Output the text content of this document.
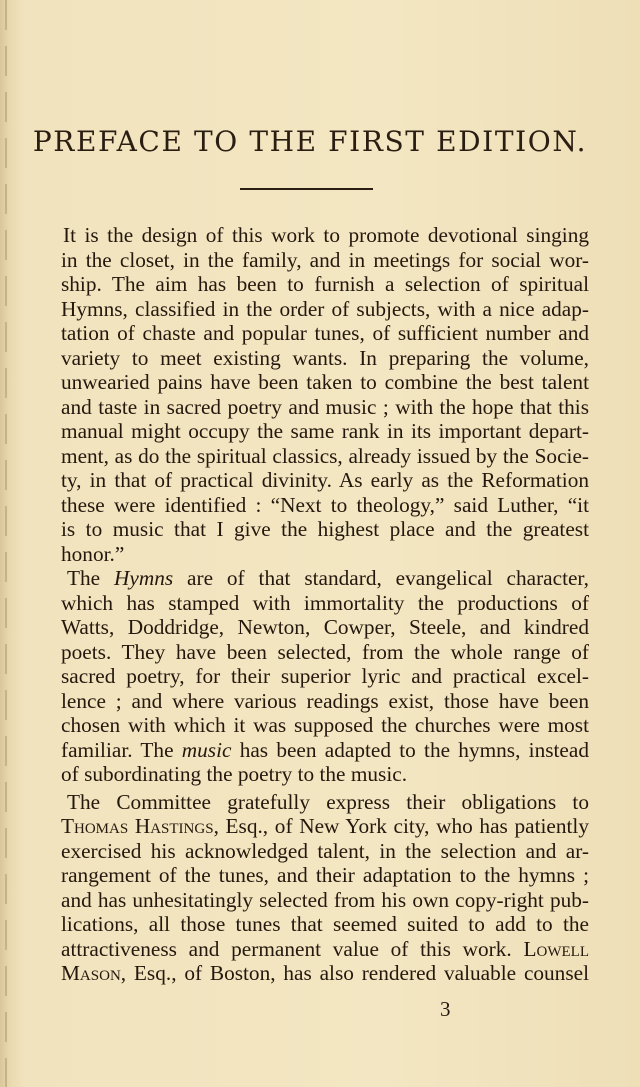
PREFACE TO THE FIRST EDITION.
It is the design of this work to promote devotional singing
in the closet, in the family, and in meetings for social wor-
ship. The aim has been to furnish a selection of spiritual
Hymns, classified in the order of subjects, with a nice adap-
tation of chaste and popular tunes, of sufficient number and
variety to meet existing wants. In preparing the volume,
unwearied pains have been taken to combine the best talent
and taste in sacred poetry and music ; with the hope that this
manual might occupy the same rank in its important depart-
ment, as do the spiritual classics, already issued by the Socie-
ty, in that of practical divinity. As early as the Reformation
these were identified : “Next to theology,” said Luther, “it
is to music that I give the highest place and the greatest
honor.”
The Hymns are of that standard, evangelical character,
which has stamped with immortality the productions of
Watts, Doddridge, Newton, Cowper, Steele, and kindred
poets. They have been selected, from the whole range of
sacred poetry, for their superior lyric and practical excel-
lence ; and where various readings exist, those have been
chosen with which it was supposed the churches were most
familiar. The music has been adapted to the hymns, instead
of subordinating the poetry to the music.
The Committee gratefully express their obligations to
Thomas Hastings, Esq., of New York city, who has patiently
exercised his acknowledged talent, in the selection and ar-
rangement of the tunes, and their adaptation to the hymns ;
and has unhesitatingly selected from his own copy-right pub-
lications, all those tunes that seemed suited to add to the
attractiveness and permanent value of this work. Lowell
Mason, Esq., of Boston, has also rendered valuable counsel
3
